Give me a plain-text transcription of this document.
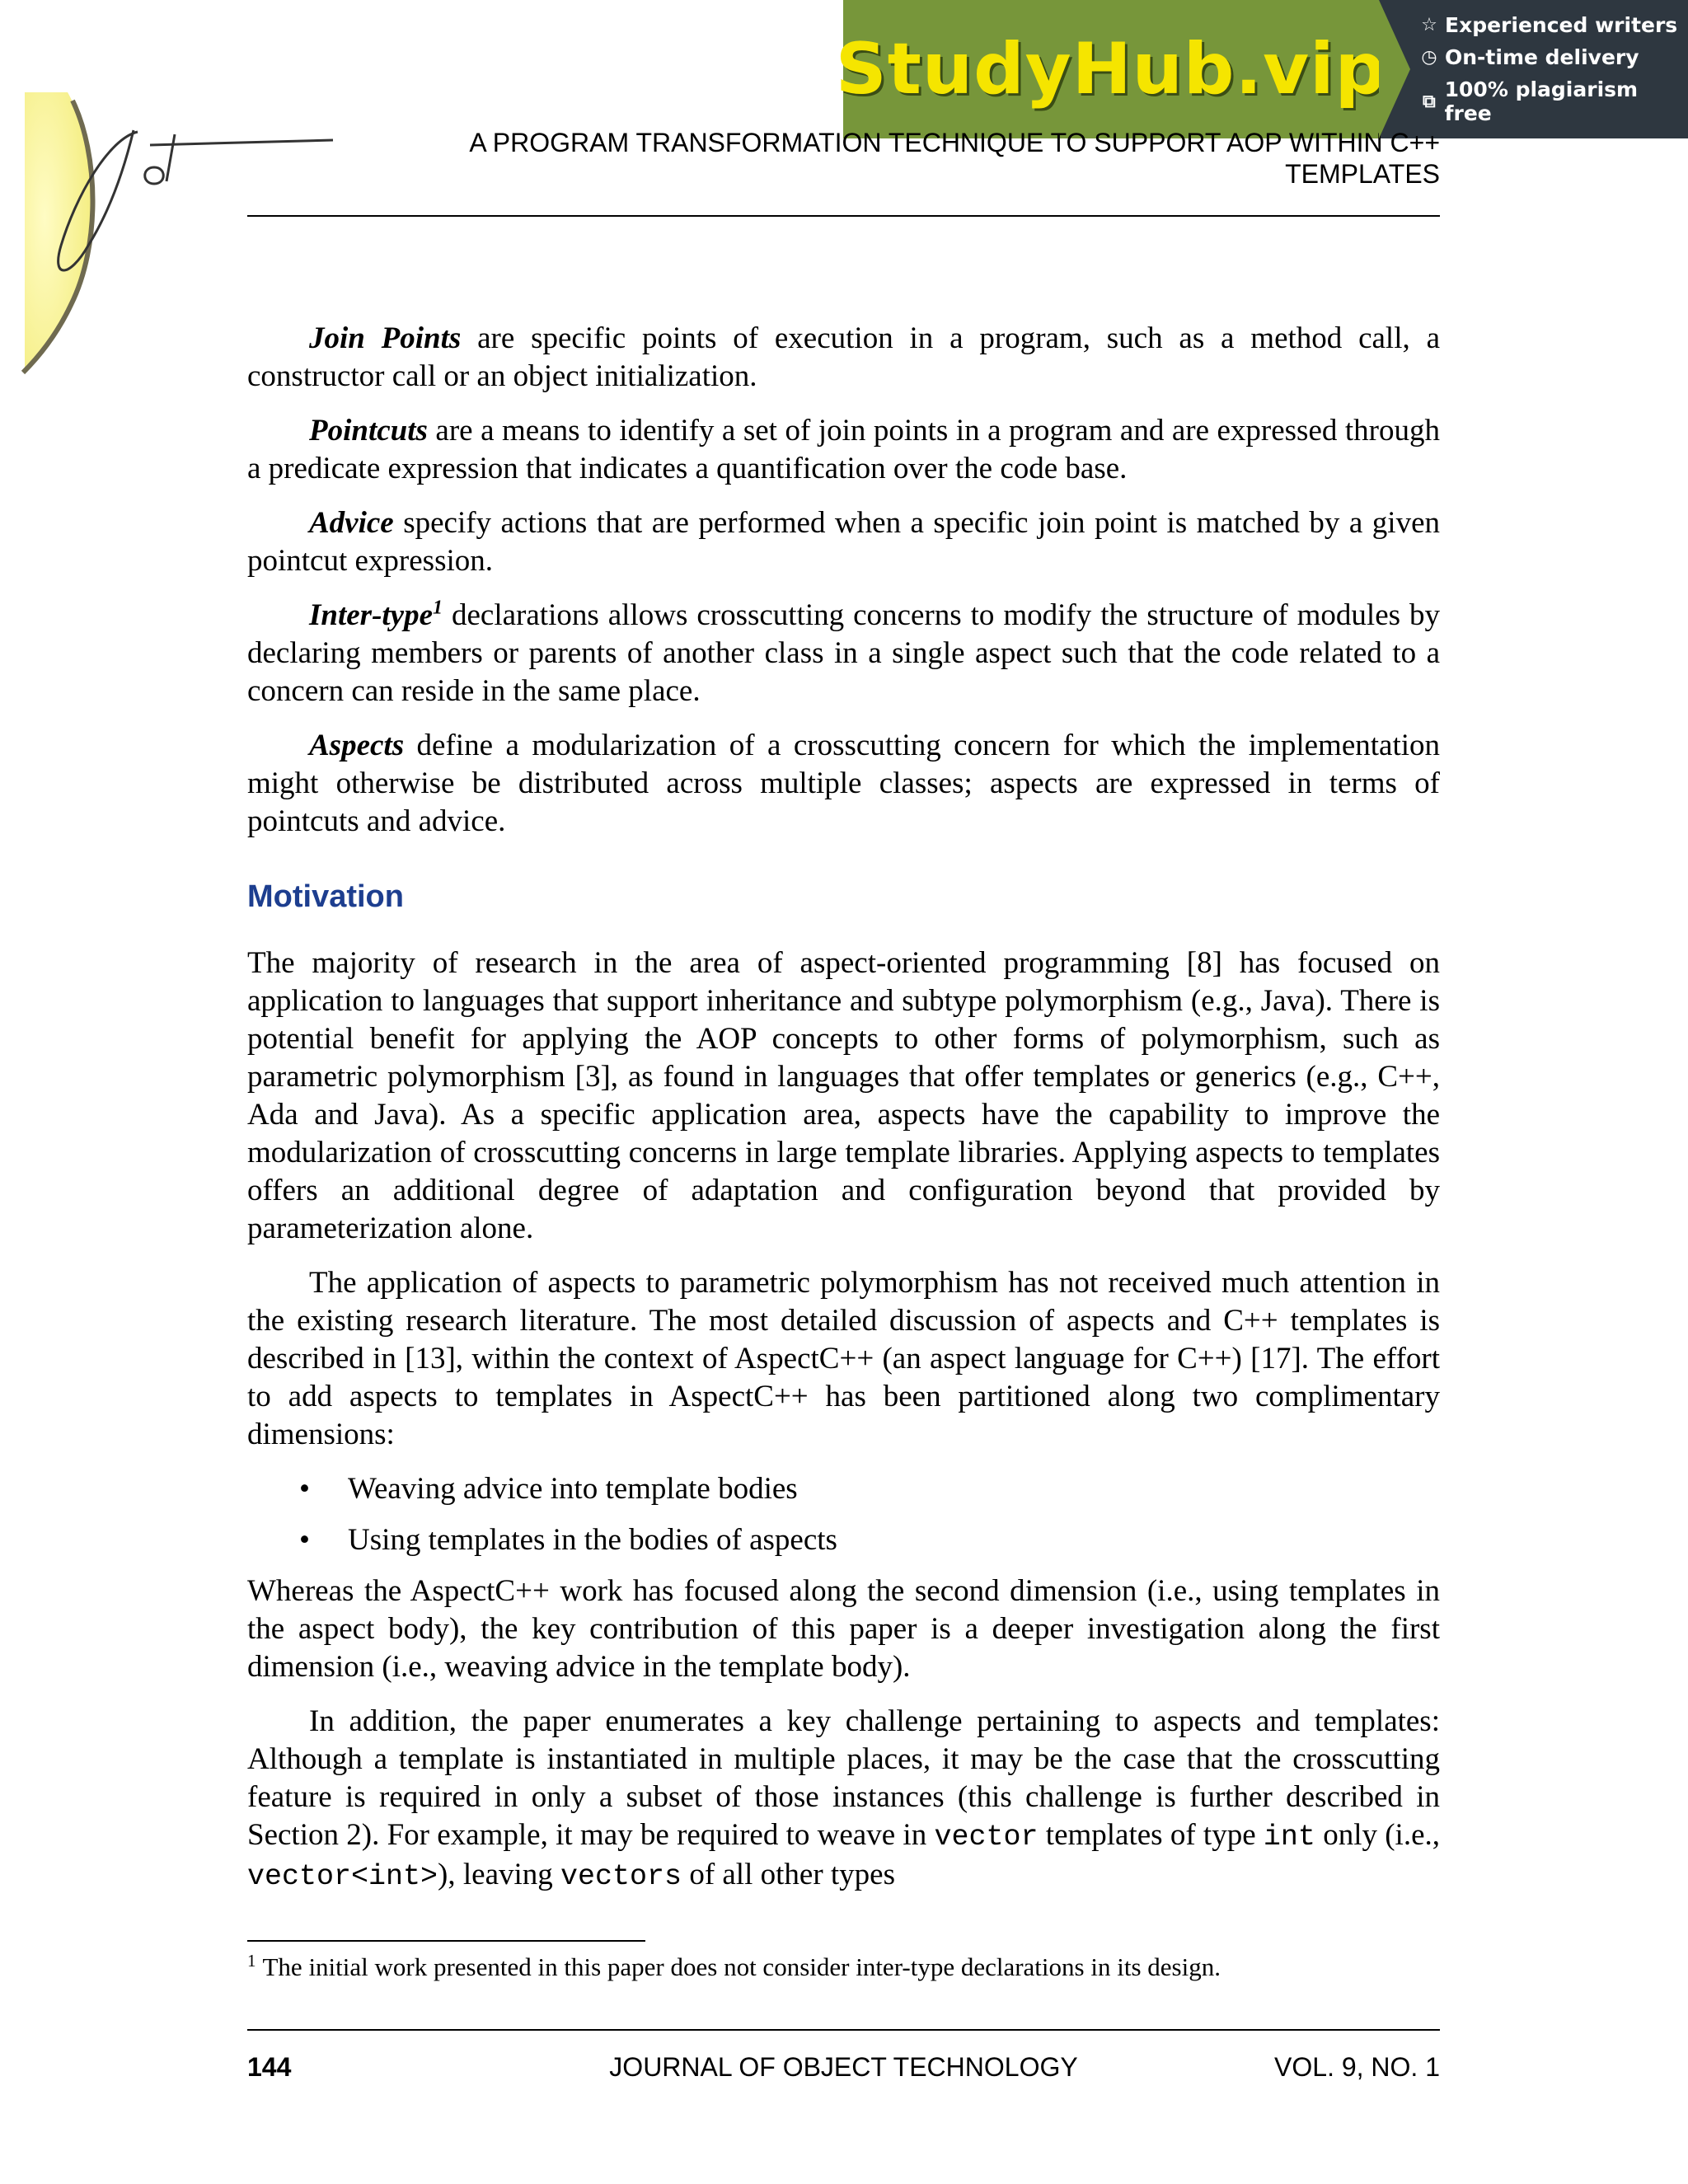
StudyHub.vip
☆ Experienced writers
◷ On-time delivery
⧉ 100% plagiarism free
A PROGRAM TRANSFORMATION TECHNIQUE TO SUPPORT AOP WITHIN C++
TEMPLATES

Join Points are specific points of execution in a program, such as a method call, a constructor call or an object initialization.

Pointcuts are a means to identify a set of join points in a program and are expressed through a predicate expression that indicates a quantification over the code base.

Advice specify actions that are performed when a specific join point is matched by a given pointcut expression.

Inter-type$^1$ declarations allows crosscutting concerns to modify the structure of modules by declaring members or parents of another class in a single aspect such that the code related to a concern can reside in the same place.

Aspects define a modularization of a crosscutting concern for which the implementation might otherwise be distributed across multiple classes; aspects are expressed in terms of pointcuts and advice.

Motivation

The majority of research in the area of aspect-oriented programming [8] has focused on application to languages that support inheritance and subtype polymorphism (e.g., Java). There is potential benefit for applying the AOP concepts to other forms of polymorphism, such as parametric polymorphism [3], as found in languages that offer templates or generics (e.g., C++, Ada and Java). As a specific application area, aspects have the capability to improve the modularization of crosscutting concerns in large template libraries. Applying aspects to templates offers an additional degree of adaptation and configuration beyond that provided by parameterization alone.

The application of aspects to parametric polymorphism has not received much attention in the existing research literature. The most detailed discussion of aspects and C++ templates is described in [13], within the context of AspectC++ (an aspect language for C++) [17]. The effort to add aspects to templates in AspectC++ has been partitioned along two complimentary dimensions:

• Weaving advice into template bodies
• Using templates in the bodies of aspects

Whereas the AspectC++ work has focused along the second dimension (i.e., using templates in the aspect body), the key contribution of this paper is a deeper investigation along the first dimension (i.e., weaving advice in the template body).

In addition, the paper enumerates a key challenge pertaining to aspects and templates: Although a template is instantiated in multiple places, it may be the case that the crosscutting feature is required in only a subset of those instances (this challenge is further described in Section 2). For example, it may be required to weave in vector templates of type int only (i.e., vector<int>), leaving vectors of all other types

$^1$ The initial work presented in this paper does not consider inter-type declarations in its design.
144	JOURNAL OF OBJECT TECHNOLOGY	VOL. 9, NO. 1
